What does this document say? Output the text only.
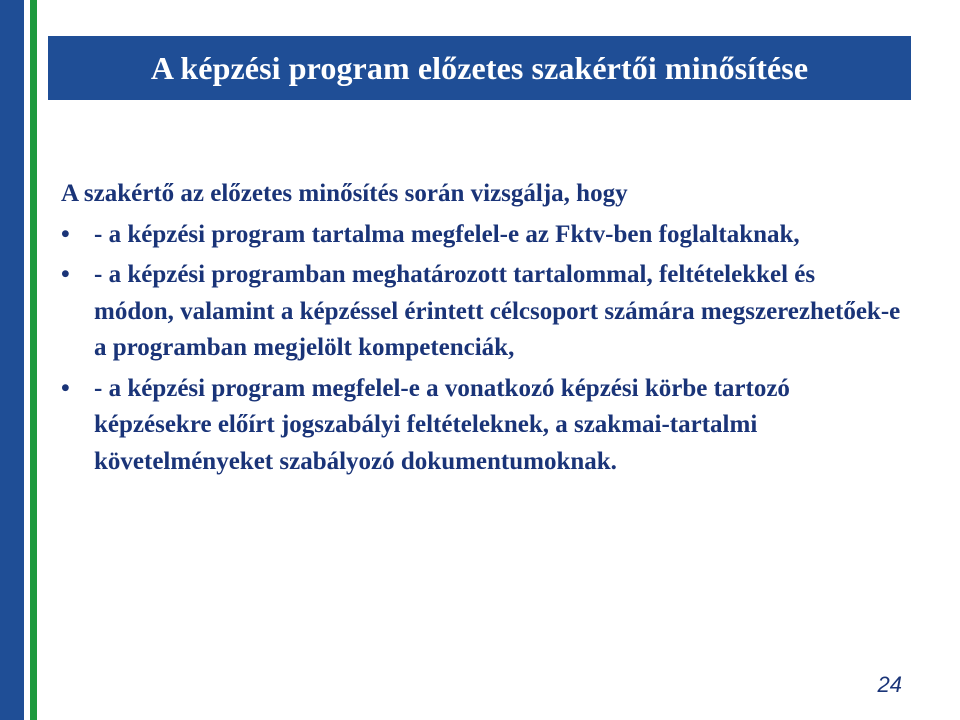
A képzési program előzetes szakértői minősítése

A szakértő az előzetes minősítés során vizsgálja, hogy

• - a képzési program tartalma megfelel-e az Fktv-ben foglaltaknak,
• - a képzési programban meghatározott tartalommal, feltételekkel és módon, valamint a képzéssel érintett célcsoport számára megszerezhetőek-e a programban megjelölt kompetenciák,
• - a képzési program megfelel-e a vonatkozó képzési körbe tartozó képzésekre előírt jogszabályi feltételeknek, a szakmai-tartalmi követelményeket szabályozó dokumentumoknak.
24
